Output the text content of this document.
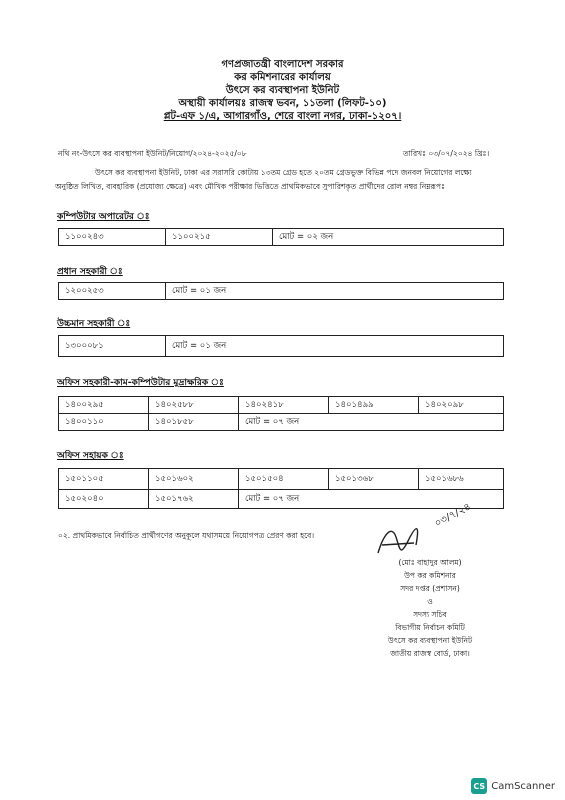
গণপ্রজাতন্ত্রী বাংলাদেশ সরকার
কর কমিশনারের কার্যালয়
উৎসে কর ব্যবস্থাপনা ইউনিট
অস্থায়ী কার্যালয়ঃ রাজস্ব ভবন, ১১তলা (লিফট-১০)
প্লট-এফ ১/এ, আগারগাঁও, শেরে বাংলা নগর, ঢাকা-১২০৭।
নথি নং-উৎসে কর ব্যবস্থাপনা ইউনিট/নিয়োগ/২০২৪-২০২৫/০৮	তারিখঃ ০৩/০৭/২০২৪ খ্রিঃ।
উৎসে কর ব্যবস্থাপনা ইউনিট, ঢাকা এর সরাসরি কোটায় ১৩তম গ্রেড হতে ২০তম গ্রেডভুক্ত বিভিন্ন পদে জনবল নিয়োগের লক্ষ্যে
অনুষ্ঠিত লিখিত, ব্যবহারিক (প্রযোজ্য ক্ষেত্রে) এবং মৌখিক পরীক্ষার ভিত্তিতে প্রাথমিকভাবে সুপারিশকৃত প্রার্থীদের রোল নম্বর নিম্নরূপঃ
কম্পিউটার অপারেটর ঃ
১১০০২৪৩	১১০০২১৫	মোট = ০২ জন
প্রধান সহকারী ঃ
১২০০২৫৩	মোট = ০১ জন
উচ্চমান সহকারী ঃ
১৩০০০৮১	মোট = ০১ জন
অফিস সহকারী-কাম-কম্পিউটার মুদ্রাক্ষরিক ঃ
১৪০০২৯৫	১৪০২৫৮৮	১৪০২৪১৮	১৪০১৪৯৯	১৪০২০৯৮
১৪০০১১০	১৪০১৮৫৮	মোট = ০৭ জন		
অফিস সহায়ক ঃ
১৫০১১০৫	১৫০১৬০২	১৫০১৫০৪	১৫০১৩৬৮	১৫০১৬৮৬
১৫০২০৪০	১৫০১৭৬২	মোট = ০৭ জন		
০২. প্রাথমিকভাবে নির্বাচিত প্রার্থীগণের অনুকূলে যথাসময়ে নিয়োগপত্র প্রেরণ করা হবে।
০৩/৭/২৪
(মোঃ বাহাদুর আলম)
উপ কর কমিশনার
সদর দপ্তর (প্রশাসন)
ও
সদস্য সচিব
বিভাগীয় নির্বাচন কমিটি
উৎসে কর ব্যবস্থাপনা ইউনিট
জাতীয় রাজস্ব বোর্ড, ঢাকা।
CS CamScanner
